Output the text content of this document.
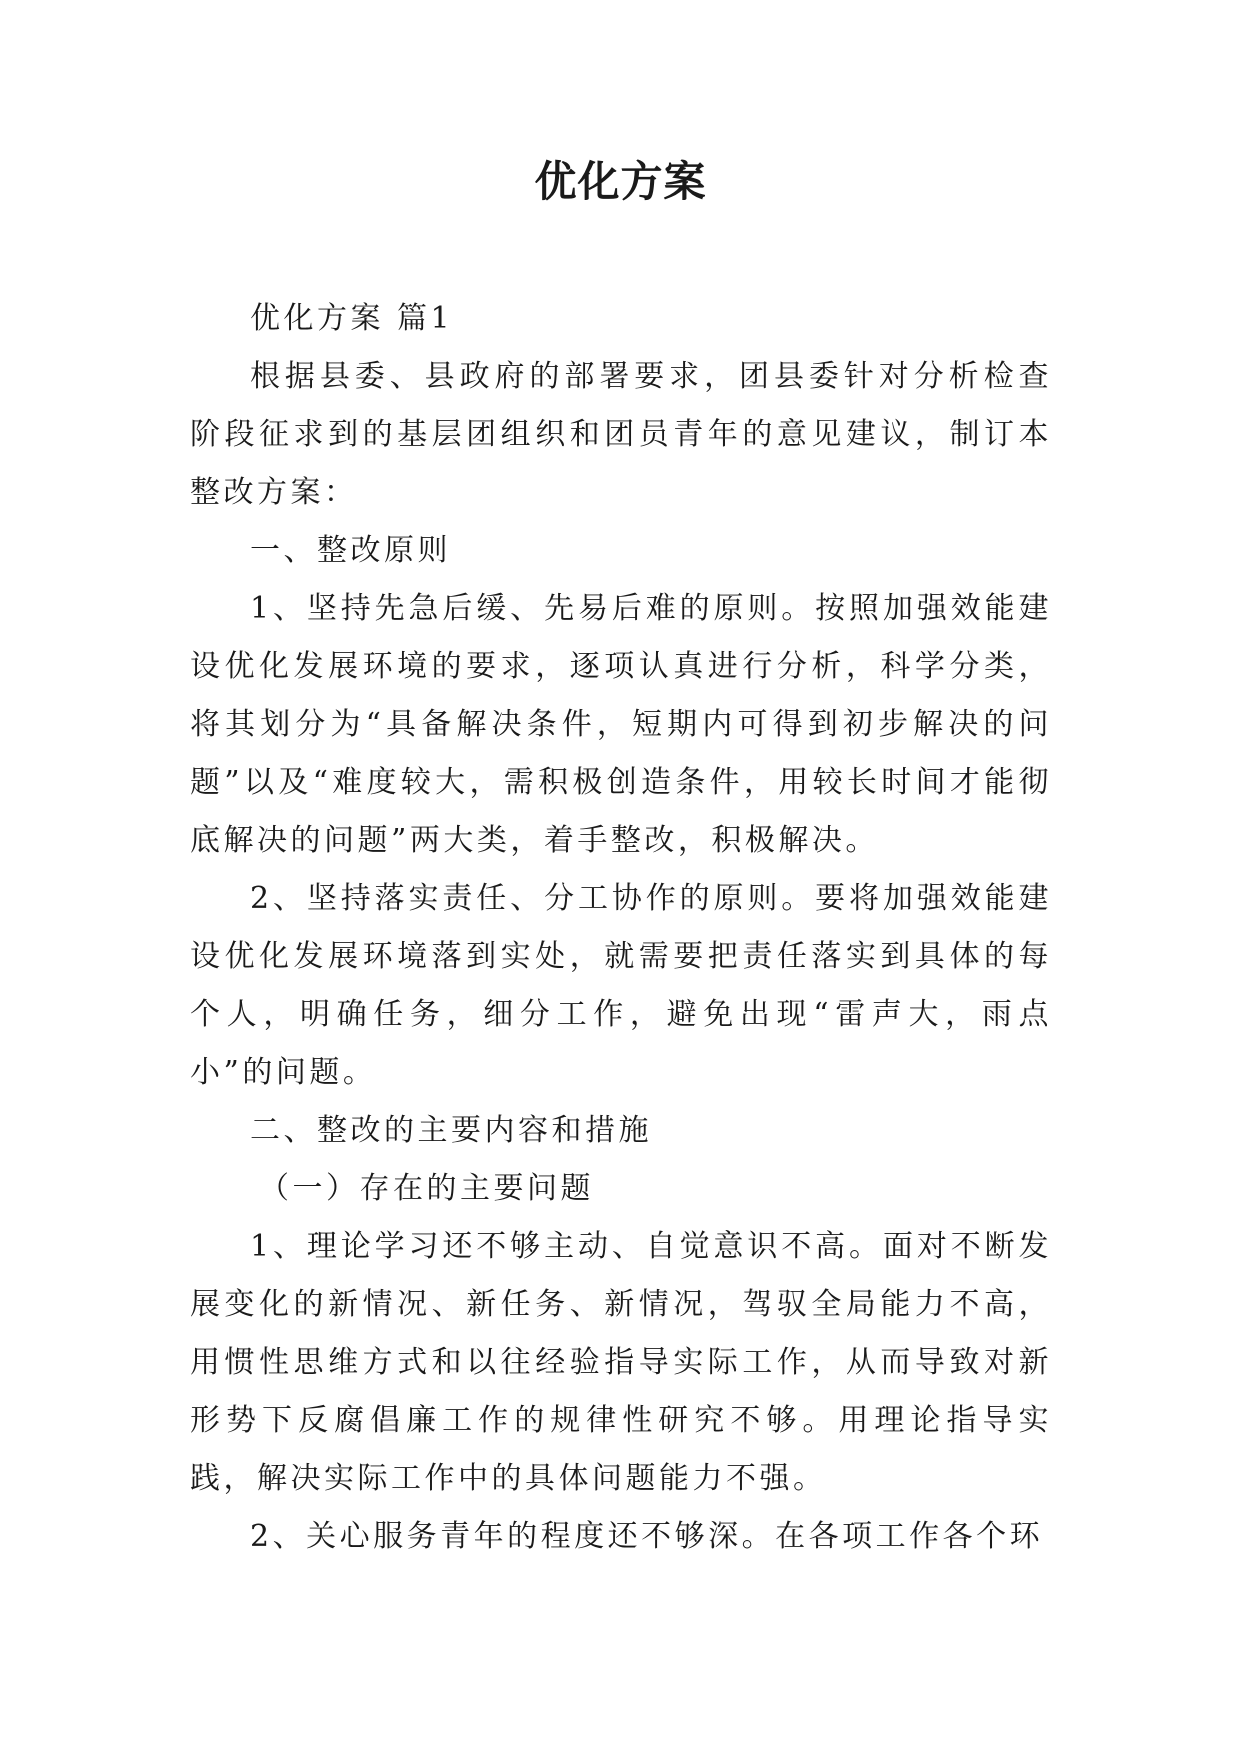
优化方案

优化方案 篇1

根据县委、县政府的部署要求，团县委针对分析检查阶段征求到的基层团组织和团员青年的意见建议，制订本整改方案：

一、整改原则

1、坚持先急后缓、先易后难的原则。按照加强效能建设优化发展环境的要求，逐项认真进行分析，科学分类，将其划分为“具备解决条件，短期内可得到初步解决的问题”以及“难度较大，需积极创造条件，用较长时间才能彻底解决的问题”两大类，着手整改，积极解决。

2、坚持落实责任、分工协作的原则。要将加强效能建设优化发展环境落到实处，就需要把责任落实到具体的每个人，明确任务，细分工作，避免出现“雷声大，雨点小”的问题。

二、整改的主要内容和措施

（一）存在的主要问题

1、理论学习还不够主动、自觉意识不高。面对不断发展变化的新情况、新任务、新情况，驾驭全局能力不高，用惯性思维方式和以往经验指导实际工作，从而导致对新形势下反腐倡廉工作的规律性研究不够。用理论指导实践，解决实际工作中的具体问题能力不强。

2、关心服务青年的程度还不够深。在各项工作各个环
